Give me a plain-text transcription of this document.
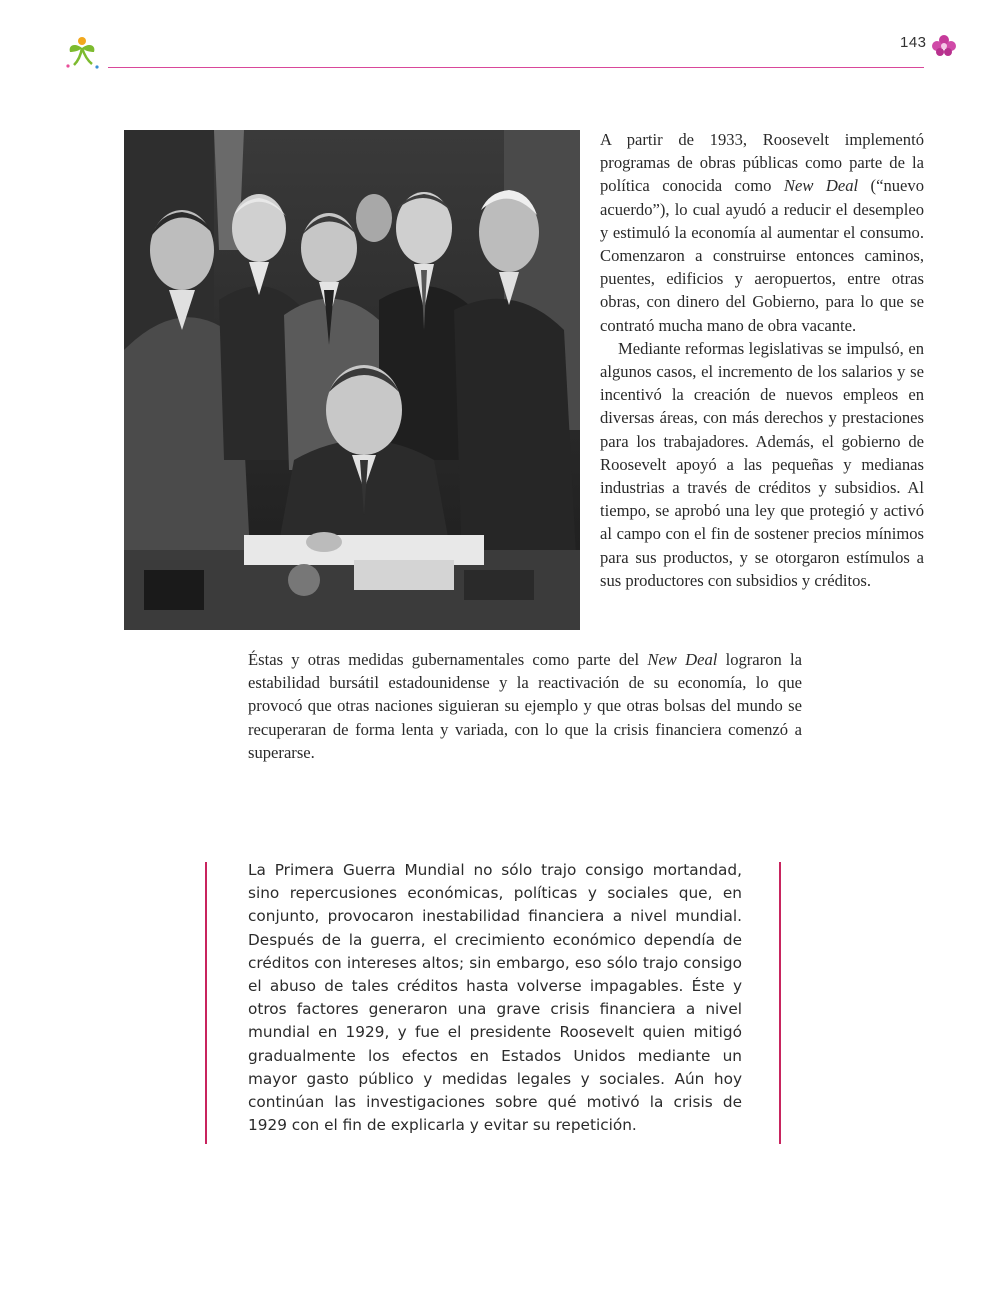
143

A partir de 1933, Roosevelt implementó programas de obras públicas como parte de la política conocida como New Deal (“nuevo acuerdo”), lo cual ayudó a reducir el desempleo y estimuló la economía al aumentar el consumo. Comenzaron a construirse entonces caminos, puentes, edificios y aeropuertos, entre otras obras, con dinero del Gobierno, para lo que se contrató mucha mano de obra vacante.

Mediante reformas legislativas se impulsó, en algunos casos, el incremento de los salarios y se incentivó la creación de nuevos empleos en diversas áreas, con más derechos y prestaciones para los trabajadores. Además, el gobierno de Roosevelt apoyó a las pequeñas y medianas industrias a través de créditos y subsidios. Al tiempo, se aprobó una ley que protegió y activó al campo con el fin de sostener precios mínimos para sus productos, y se otorgaron estímulos a sus productores con subsidios y créditos.

Éstas y otras medidas gubernamentales como parte del New Deal lograron la estabilidad bursátil estadounidense y la reactivación de su economía, lo que provocó que otras naciones siguieran su ejemplo y que otras bolsas del mundo se recuperaran de forma lenta y variada, con lo que la crisis financiera comenzó a superarse.

La Primera Guerra Mundial no sólo trajo consigo mortandad, sino repercusiones económicas, políticas y sociales que, en conjunto, provocaron inestabilidad financiera a nivel mundial. Después de la guerra, el crecimiento económico dependía de créditos con intereses altos; sin embargo, eso sólo trajo consigo el abuso de tales créditos hasta volverse impagables. Éste y otros factores generaron una grave crisis financiera a nivel mundial en 1929, y fue el presidente Roosevelt quien mitigó gradualmente los efectos en Estados Unidos mediante un mayor gasto público y medidas legales y sociales. Aún hoy continúan las investigaciones sobre qué motivó la crisis de 1929 con el fin de explicarla y evitar su repetición.
